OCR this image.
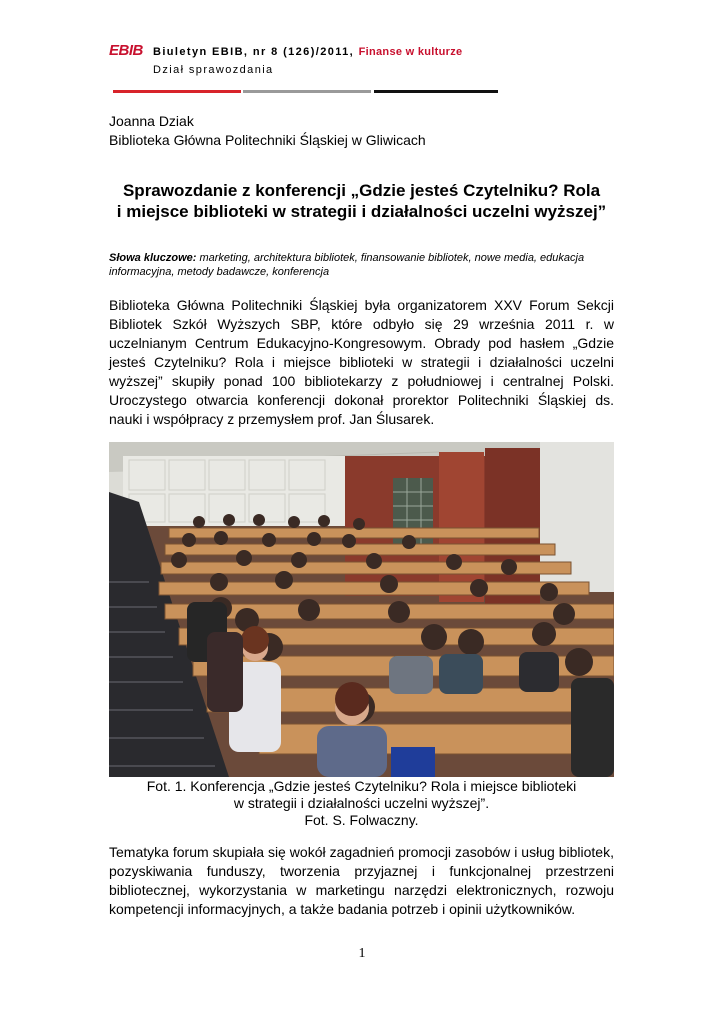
EBIB Biuletyn EBIB, nr 8 (126)/2011, Finanse w kulturze
Dział sprawozdania
Joanna Dziak
Biblioteka Główna Politechniki Śląskiej w Gliwicach
Sprawozdanie z konferencji „Gdzie jesteś Czytelniku? Rola
i miejsce biblioteki w strategii i działalności uczelni wyższej”
Słowa kluczowe: marketing, architektura bibliotek, finansowanie bibliotek, nowe media, edukacja informacyjna, metody badawcze, konferencja
Biblioteka Główna Politechniki Śląskiej była organizatorem XXV Forum Sekcji Bibliotek Szkół Wyższych SBP, które odbyło się 29 września 2011 r. w uczelnianym Centrum Edukacyjno-Kongresowym. Obrady pod hasłem „Gdzie jesteś Czytelniku? Rola i miejsce biblioteki w strategii i działalności uczelni wyższej” skupiły ponad 100 bibliotekarzy z południowej i centralnej Polski. Uroczystego otwarcia konferencji dokonał prorektor Politechniki Śląskiej ds. nauki i współpracy z przemysłem prof. Jan Ślusarek.
Fot. 1. Konferencja „Gdzie jesteś Czytelniku? Rola i miejsce biblioteki
w strategii i działalności uczelni wyższej”.
Fot. S. Folwaczny.
Tematyka forum skupiała się wokół zagadnień promocji zasobów i usług bibliotek, pozyskiwania funduszy, tworzenia przyjaznej i funkcjonalnej przestrzeni bibliotecznej, wykorzystania w marketingu narzędzi elektronicznych, rozwoju kompetencji informacyjnych, a także badania potrzeb i opinii użytkowników.
1
